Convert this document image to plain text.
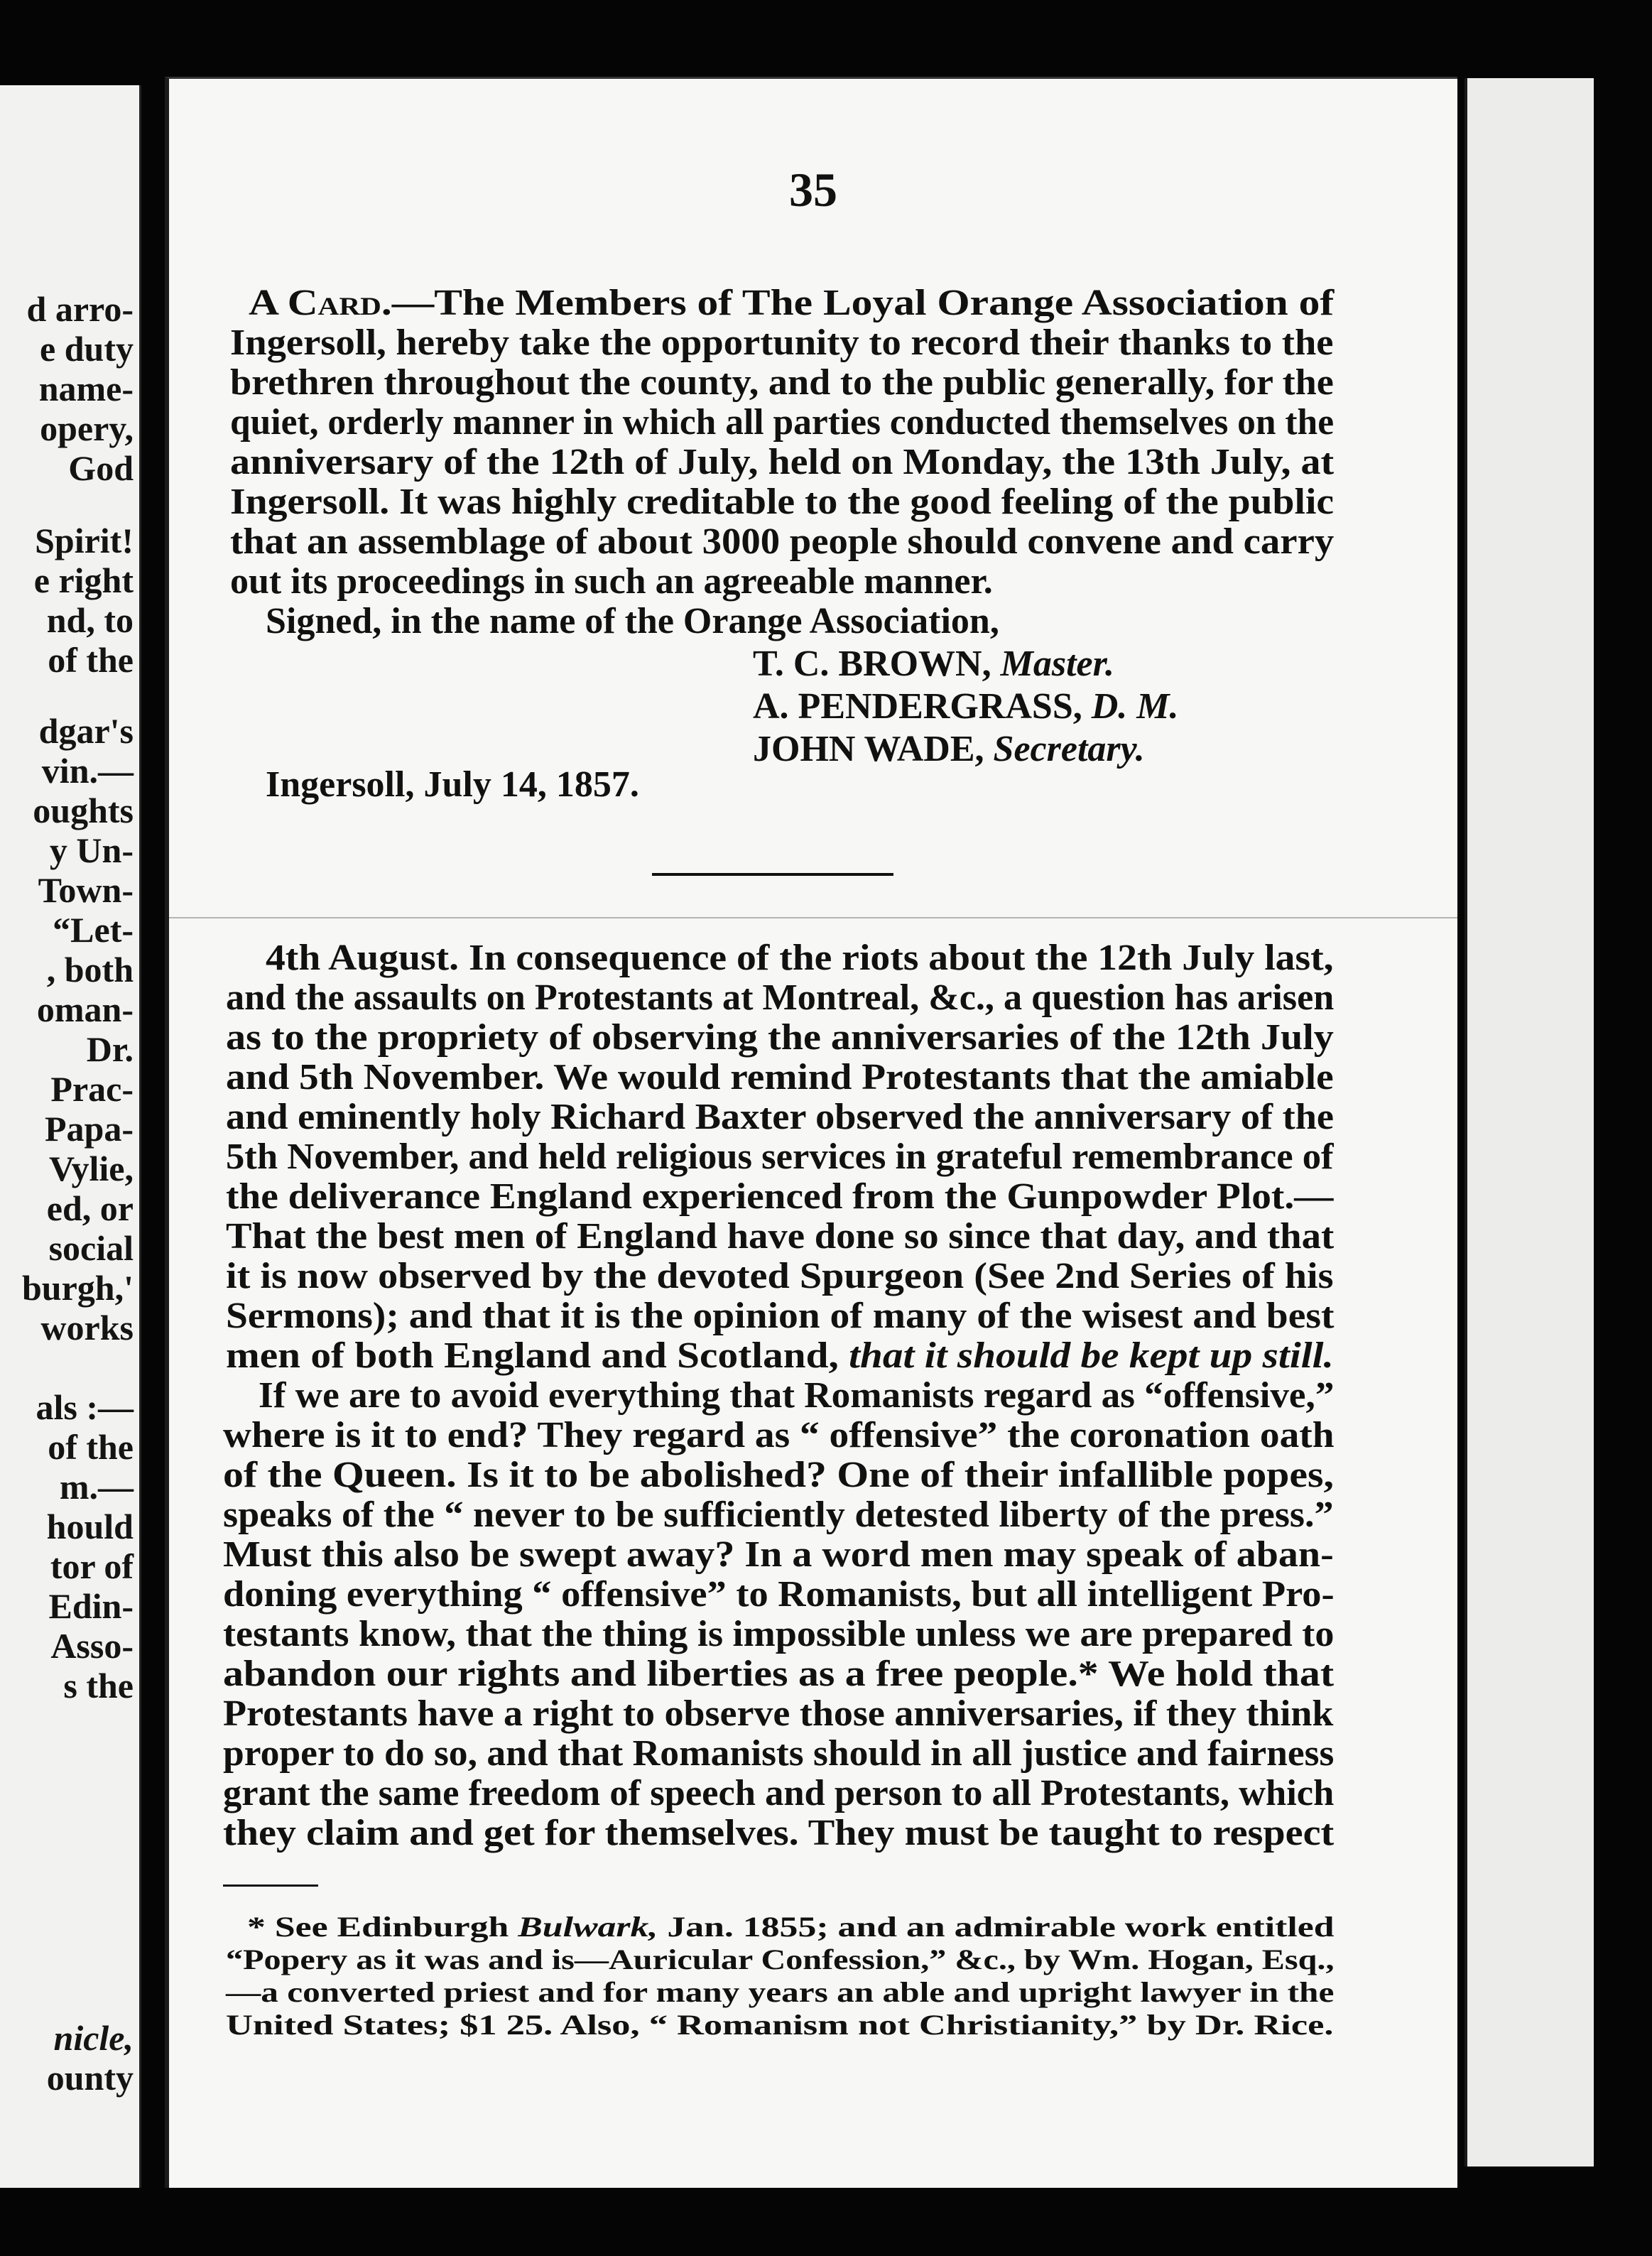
d arro-
e duty
name-
opery,
God
Spirit!
e right
nd, to
of the
dgar's
vin.—
oughts
y Un-
Town-
“Let-
, both
oman-
Dr.
Prac-
Papa-
Vylie,
ed, or
social
burgh,'
works
als :—
of the
m.—
hould
tor of
Edin-
Asso-
s the
nicle,
ounty
35
A Card.—The Members of The Loyal Orange Association of
Ingersoll, hereby take the opportunity to record their thanks to the
brethren throughout the county, and to the public generally, for the
quiet, orderly manner in which all parties conducted themselves on the
anniversary of the 12th of July, held on Monday, the 13th July, at
Ingersoll. It was highly creditable to the good feeling of the public
that an assemblage of about 3000 people should convene and carry
out its proceedings in such an agreeable manner.
Signed, in the name of the Orange Association,
T. C. BROWN, Master.
A. PENDERGRASS, D. M.
JOHN WADE, Secretary.
Ingersoll, July 14, 1857.
4th August. In consequence of the riots about the 12th July last,
and the assaults on Protestants at Montreal, &c., a question has arisen
as to the propriety of observing the anniversaries of the 12th July
and 5th November. We would remind Protestants that the amiable
and eminently holy Richard Baxter observed the anniversary of the
5th November, and held religious services in grateful remembrance of
the deliverance England experienced from the Gunpowder Plot.—
That the best men of England have done so since that day, and that
it is now observed by the devoted Spurgeon (See 2nd Series of his
Sermons); and that it is the opinion of many of the wisest and best
men of both England and Scotland, that it should be kept up still.
If we are to avoid everything that Romanists regard as “offensive,”
where is it to end? They regard as “ offensive” the coronation oath
of the Queen. Is it to be abolished? One of their infallible popes,
speaks of the “ never to be sufficiently detested liberty of the press.”
Must this also be swept away? In a word men may speak of aban-
doning everything “ offensive” to Romanists, but all intelligent Pro-
testants know, that the thing is impossible unless we are prepared to
abandon our rights and liberties as a free people.* We hold that
Protestants have a right to observe those anniversaries, if they think
proper to do so, and that Romanists should in all justice and fairness
grant the same freedom of speech and person to all Protestants, which
they claim and get for themselves. They must be taught to respect
* See Edinburgh Bulwark, Jan. 1855; and an admirable work entitled
“Popery as it was and is—Auricular Confession,” &c., by Wm. Hogan, Esq.,
—a converted priest and for many years an able and upright lawyer in the
United States; $1 25. Also, “ Romanism not Christianity,” by Dr. Rice.
